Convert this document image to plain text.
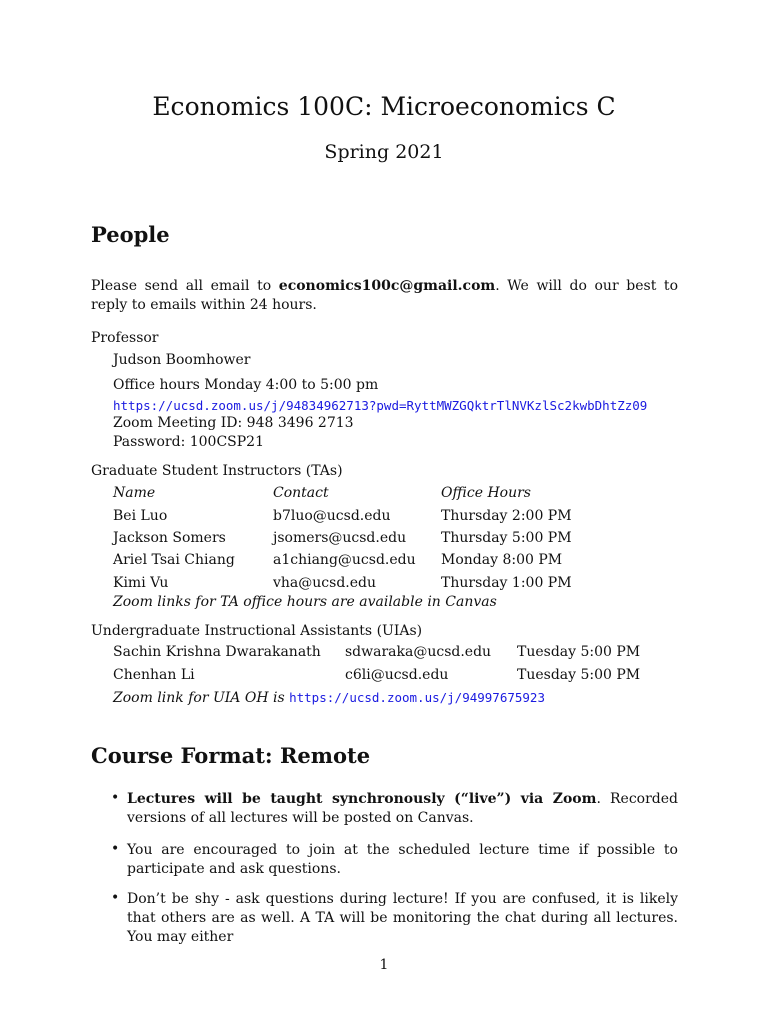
Economics 100C: Microeconomics C
Spring 2021
People
Please send all email to economics100c@gmail.com. We will do our best to reply to emails within 24 hours.
Professor
Judson Boomhower
Office hours Monday 4:00 to 5:00 pm
https://ucsd.zoom.us/j/94834962713?pwd=RyttMWZGQktrTlNVKzlSc2kwbDhtZz09
Zoom Meeting ID: 948 3496 2713
Password: 100CSP21
Graduate Student Instructors (TAs)
Name	Contact	Office Hours
Bei Luo	b7luo@ucsd.edu	Thursday 2:00 PM
Jackson Somers	jsomers@ucsd.edu Thursday 5:00 PM
Ariel Tsai Chiang	a1chiang@ucsd.edu Monday 8:00 PM
Kimi Vu	vha@ucsd.edu	Thursday 1:00 PM
Zoom links for TA office hours are available in Canvas
Undergraduate Instructional Assistants (UIAs)
Sachin Krishna Dwarakanath sdwaraka@ucsd.edu Tuesday 5:00 PM
Chenhan Li	c6li@ucsd.edu	Tuesday 5:00 PM
Zoom link for UIA OH is https://ucsd.zoom.us/j/94997675923
Course Format: Remote
• Lectures will be taught synchronously (“live”) via Zoom. Recorded versions of all lectures will be posted on Canvas.
• You are encouraged to join at the scheduled lecture time if possible to participate and ask questions.
• Don’t be shy - ask questions during lecture! If you are confused, it is likely that others are as well. A TA will be monitoring the chat during all lectures. You may either
1
